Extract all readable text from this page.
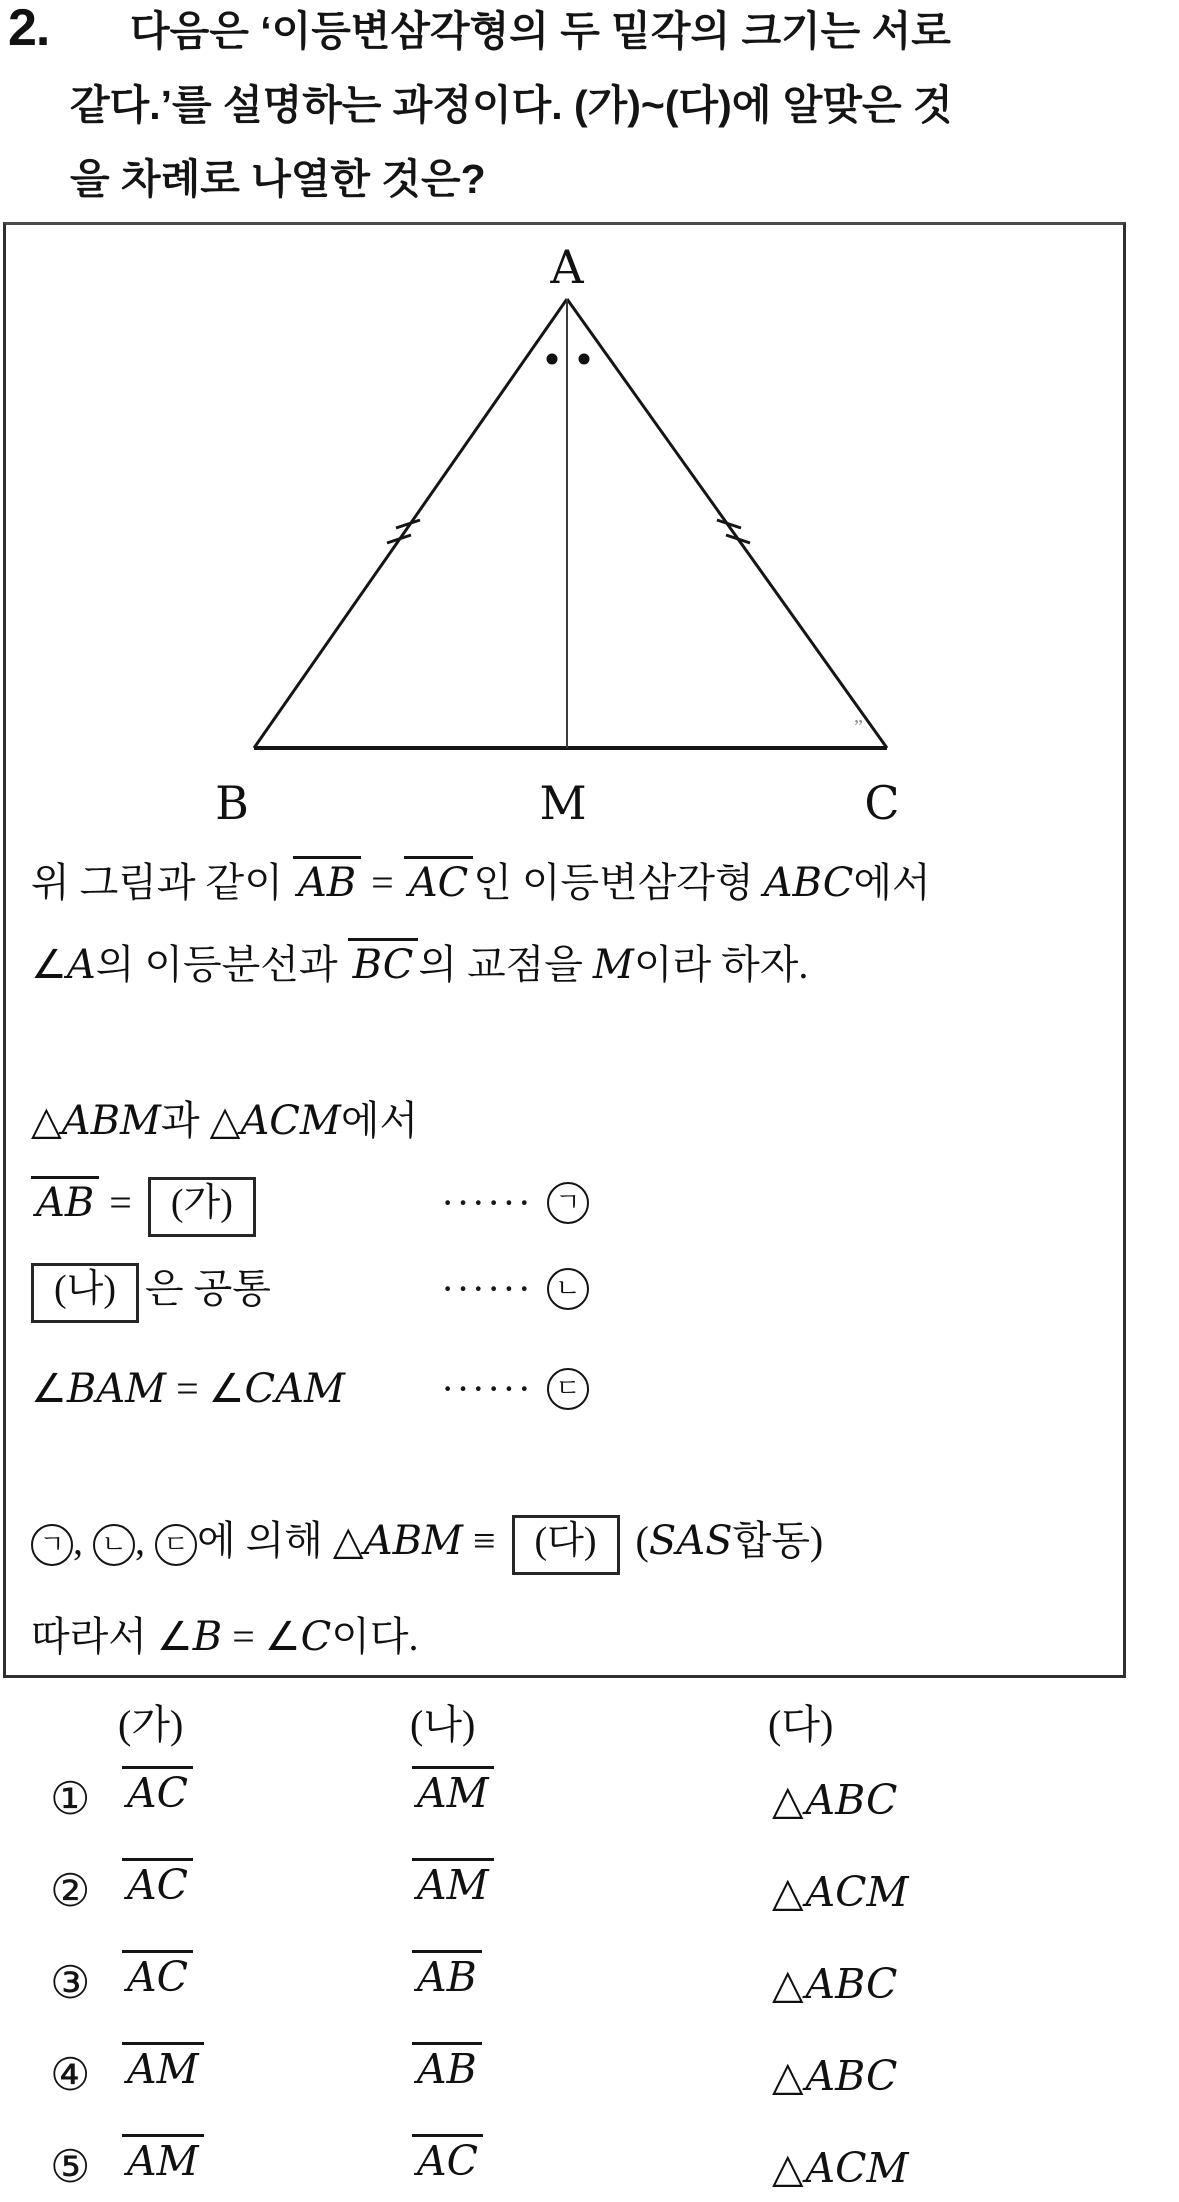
2.	다음은 ‘이등변삼각형의 두 밑각의 크기는 서로
같다.’를 설명하는 과정이다. (가)~(다)에 알맞은 것
을 차례로 나열한 것은?
”
A
B	M	C
위 그림과 같이 AB = AC 인 이등변삼각형 ABC에서
∠A의 이등분선과 BC 의 교점을 M이라 하자.
△ABM과 △ACM에서
AB = (가)	······ ㄱ
(나) 은 공통	······ ㄴ
∠BAM = ∠CAM ······ ㄷ
ㄱ , ㄴ , ㄷ 에 의해 △ABM ≡ (다) (SAS합동)
따라서 ∠B = ∠C이다.
(가)	(나)	(다)
① AC	AM	△ABC
② AC	AM	△ACM
③ AC	AB	△ABC
④ AM	AB	△ABC
⑤ AM	AC	△ACM
